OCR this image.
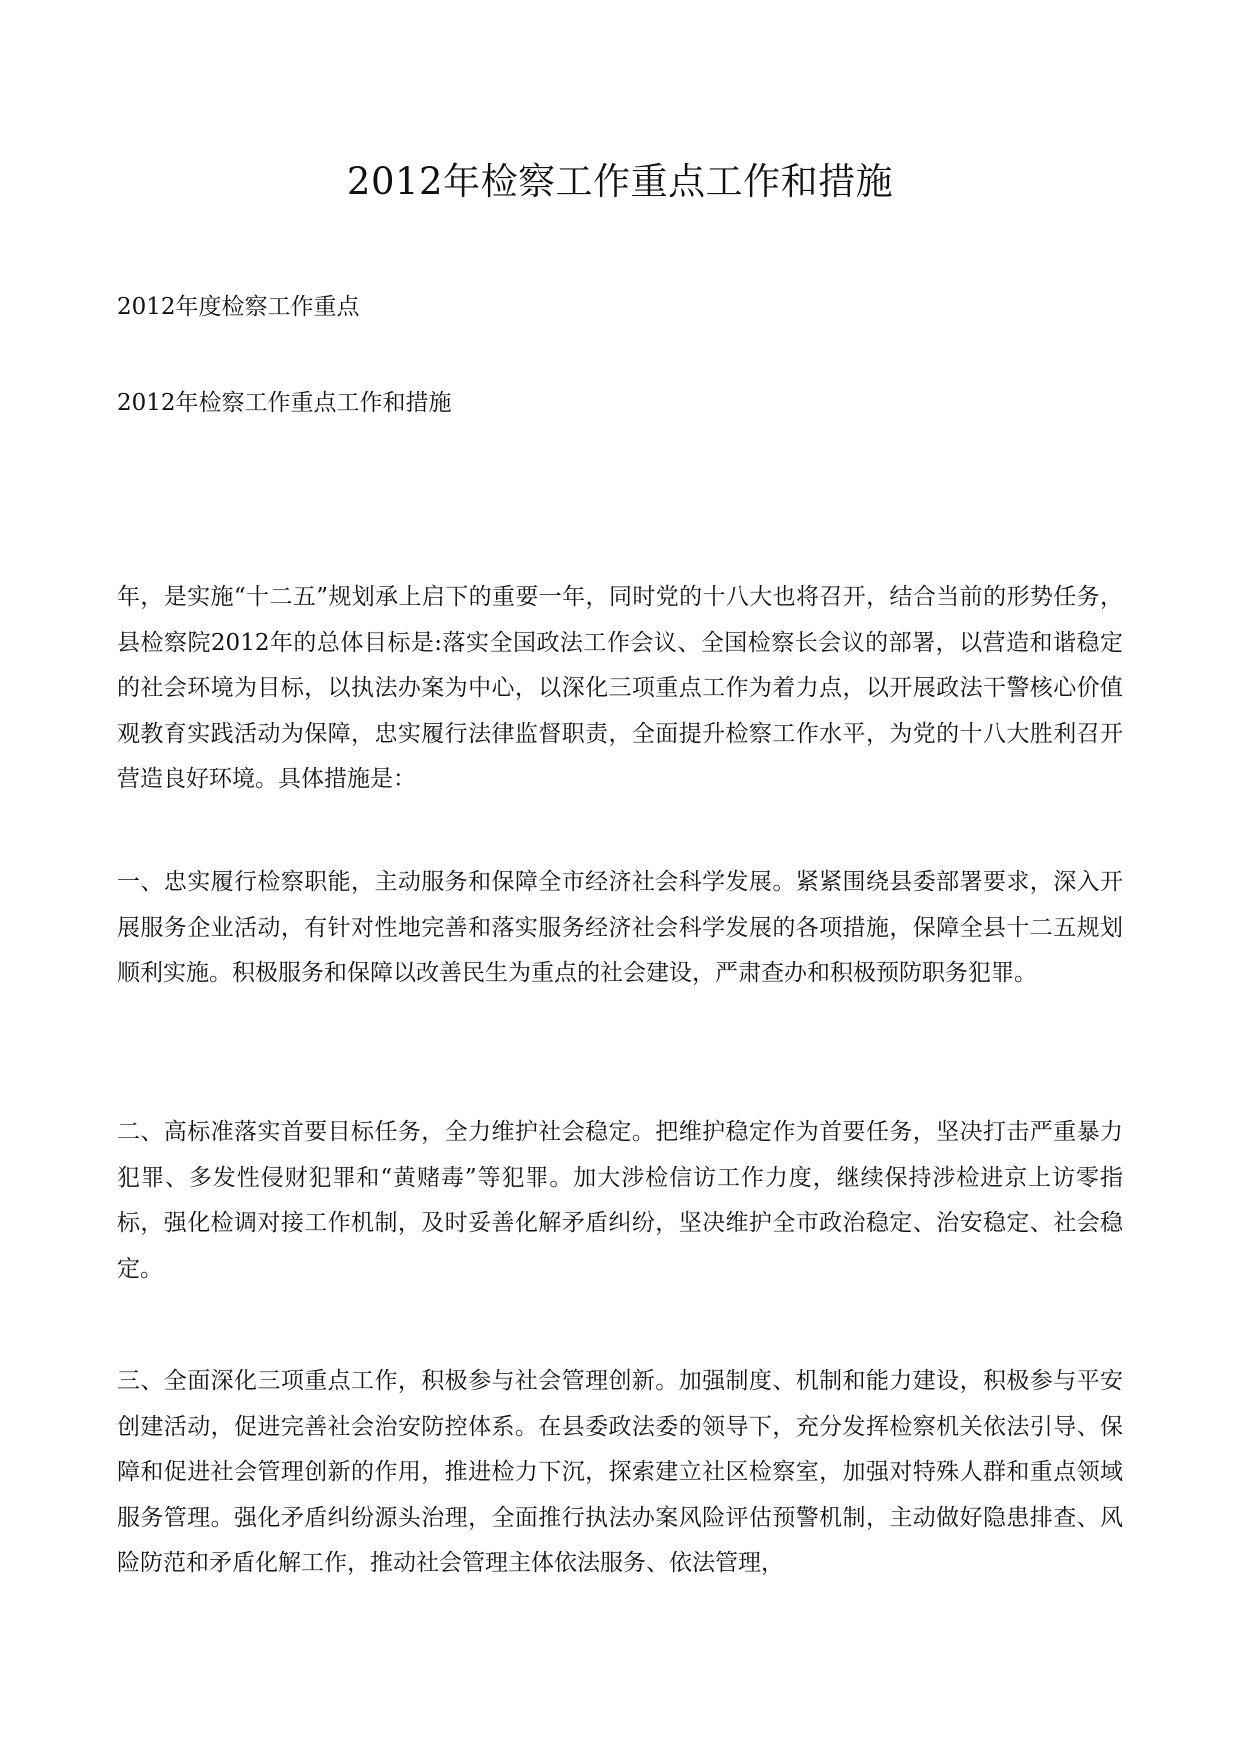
2012年检察工作重点工作和措施

2012年度检察工作重点

2012年检察工作重点工作和措施

年，是实施“十二五”规划承上启下的重要一年，同时党的十八大也将召开，结合当前的形势任务，县检察院2012年的总体目标是:落实全国政法工作会议、全国检察长会议的部署，以营造和谐稳定的社会环境为目标，以执法办案为中心，以深化三项重点工作为着力点，以开展政法干警核心价值观教育实践活动为保障，忠实履行法律监督职责，全面提升检察工作水平，为党的十八大胜利召开营造良好环境。具体措施是：

一、忠实履行检察职能，主动服务和保障全市经济社会科学发展。紧紧围绕县委部署要求，深入开展服务企业活动，有针对性地完善和落实服务经济社会科学发展的各项措施，保障全县十二五规划顺利实施。积极服务和保障以改善民生为重点的社会建设，严肃查办和积极预防职务犯罪。

二、高标准落实首要目标任务，全力维护社会稳定。把维护稳定作为首要任务，坚决打击严重暴力犯罪、多发性侵财犯罪和“黄赌毒”等犯罪。加大涉检信访工作力度，继续保持涉检进京上访零指标，强化检调对接工作机制，及时妥善化解矛盾纠纷，坚决维护全市政治稳定、治安稳定、社会稳定。

三、全面深化三项重点工作，积极参与社会管理创新。加强制度、机制和能力建设，积极参与平安创建活动，促进完善社会治安防控体系。在县委政法委的领导下，充分发挥检察机关依法引导、保障和促进社会管理创新的作用，推进检力下沉，探索建立社区检察室，加强对特殊人群和重点领域服务管理。强化矛盾纠纷源头治理，全面推行执法办案风险评估预警机制，主动做好隐患排查、风险防范和矛盾化解工作，推动社会管理主体依法服务、依法管理，
